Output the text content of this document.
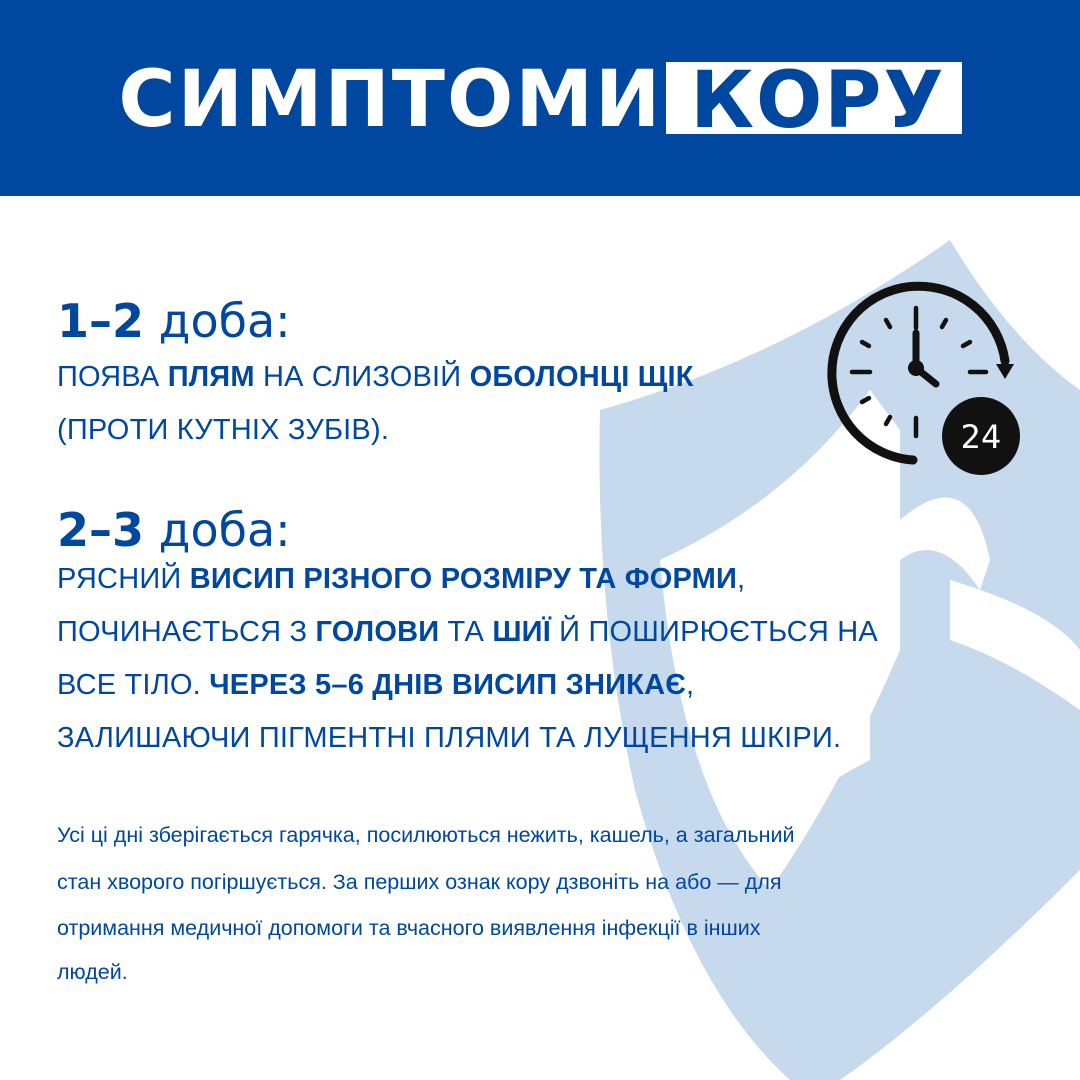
СИМПТОМИ КОРУ
24
1–2 доба:
ПОЯВА ПЛЯМ НА СЛИЗОВІЙ ОБОЛОНЦІ ЩІК
(ПРОТИ КУТНІХ ЗУБІВ).
2–3 доба:
РЯСНИЙ ВИСИП РІЗНОГО РОЗМІРУ ТА ФОРМИ,
ПОЧИНАЄТЬСЯ З ГОЛОВИ ТА ШИЇ Й ПОШИРЮЄТЬСЯ НА
ВСЕ ТІЛО. ЧЕРЕЗ 5–6 ДНІВ ВИСИП ЗНИКАЄ,
ЗАЛИШАЮЧИ ПІГМЕНТНІ ПЛЯМИ ТА ЛУЩЕННЯ ШКІРИ.
Усі ці дні зберігається гарячка, посилюються нежить, кашель, а загальний
стан хворого погіршується. За перших ознак кору дзвоніть на або — для
отримання медичної допомоги та вчасного виявлення інфекції в інших
людей.
